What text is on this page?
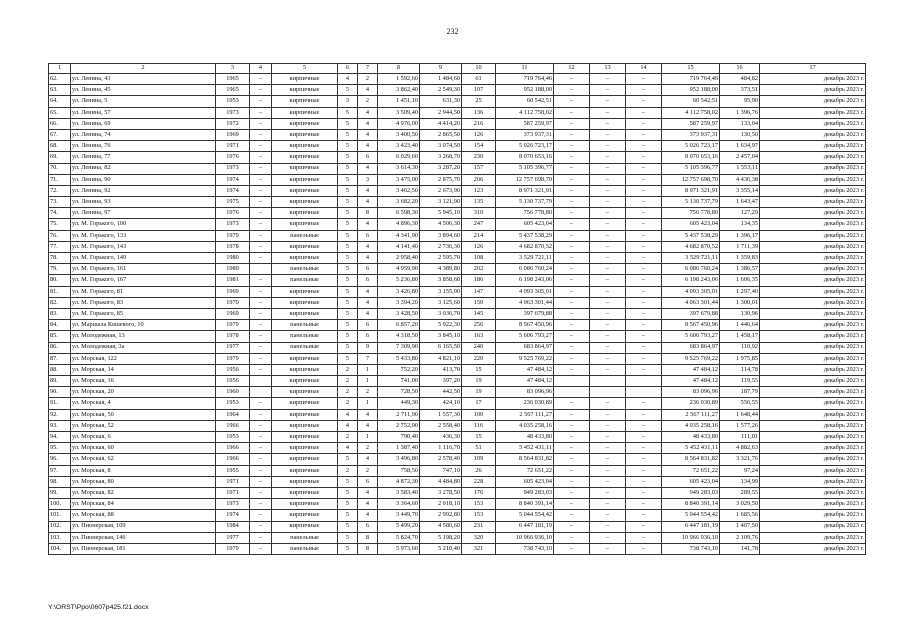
232
1	2	3	4	5	6	7	8	9	10	11	12	13	14	15	16	17
62.	ул. Ленина, 43	1965	–	кирпичные	4	2	1 592,60	1 484,60	61	719 764,46	–	–	–	719 764,46	484,82	декабрь 2023 г.
63.	ул. Ленина, 45	1965	–	кирпичные	5	4	3 862,40	2 549,30	107	952 188,00	–	–	–	952 188,00	373,51	декабрь 2023 г.
64.	ул. Ленина, 5	1953	–	кирпичные	3	2	1 451,10	631,30	25	60 542,51	–	–	–	60 542,51	95,90	декабрь 2023 г.
65.	ул. Ленина, 57	1973	–	кирпичные	5	4	3 509,40	2 944,50	136	4 112 758,02	–	–	–	4 112 758,02	1 396,76	декабрь 2023 г.
66.	ул. Ленина, 69	1972	–	кирпичные	5	4	4 976,00	4 414,20	216	587 259,97	–	–	–	587 259,97	133,04	декабрь 2023 г.
67.	ул. Ленина, 74	1969	–	кирпичные	5	4	3 400,50	2 865,50	126	373 937,31	–	–	–	373 937,31	130,50	декабрь 2023 г.
68.	ул. Ленина, 76	1971	–	кирпичные	5	4	3 423,40	3 074,50	154	5 026 723,17	–	–	–	5 026 723,17	1 634,97	декабрь 2023 г.
69.	ул. Ленина, 77	1976	–	кирпичные	5	6	6 029,60	3 268,70	230	8 070 653,16	–	–	–	8 070 653,16	2 457,04	декабрь 2023 г.
70.	ул. Ленина, 82	1973	–	кирпичные	5	4	3 614,30	3 287,20	157	5 105 396,77	–	–	–	5 105 396,77	1 553,11	декабрь 2023 г.
71.	ул. Ленина, 90	1974	–	кирпичные	5	3	3 475,00	2 875,70	206	12 757 698,70	–	–	–	12 757 698,70	4 436,38	декабрь 2023 г.
72.	ул. Ленина, 92	1974	–	кирпичные	5	4	3 462,50	2 673,90	123	8 971 321,91	–	–	–	8 971 321,91	3 355,14	декабрь 2023 г.
73.	ул. Ленина, 93	1975	–	кирпичные	5	4	3 682,20	3 121,90	135	5 130 737,79	–	–	–	5 130 737,79	1 643,47	декабрь 2023 г.
74.	ул. Ленина, 97	1976	–	кирпичные	5	8	6 598,30	5 945,10	310	756 778,80	–	–	–	756 778,80	127,29	декабрь 2023 г.
75.	ул. М. Горького, 100	1973	–	кирпичные	5	4	4 896,30	4 506,30	247	605 423,04	–	–	–	605 423,04	134,35	декабрь 2023 г.
76.	ул. М. Горького, 133	1979	–	панельные	5	6	4 341,90	3 894,60	214	5 437 538,29	–	–	–	5 437 538,29	1 396,17	декабрь 2023 г.
77.	ул. М. Горького, 143	1978	–	кирпичные	5	4	4 141,40	2 736,30	126	4 682 870,52	–	–	–	4 682 870,52	1 711,39	декабрь 2023 г.
78.	ул. М. Горького, 149	1980	–	кирпичные	5	4	2 958,40	2 595,70	108	3 529 721,11	–	–	–	3 529 721,11	1 359,83	декабрь 2023 г.
79.	ул. М. Горького, 161	1980		панельные	5	6	4 959,90	4 389,80	202	6 086 760,24	–	–	–	6 086 760,24	1 386,57	декабрь 2023 г.
80.	ул. М. Горького, 167	1981	–	панельные	5	6	5 236,80	3 858,60	186	6 198 243,06	–	–	–	6 198 243,06	1 606,35	декабрь 2023 г.
81.	ул. М. Горького, 81	1969	–	кирпичные	5	4	3 426,80	3 155,00	147	4 093 305,01	–	–	–	4 093 305,01	1 297,40	декабрь 2023 г.
82.	ул. М. Горького, 83	1970	–	кирпичные	5	4	3 394,20	3 125,60	150	4 063 301,44	–	–	–	4 063 301,44	1 300,01	декабрь 2023 г.
83.	ул. М. Горького, 85	1969	–	кирпичные	5	4	3 428,50	3 036,70	145	397 679,88	–	–	–	397 679,88	130,96	декабрь 2023 г.
84.	ул. Маршала Кошевого, 10	1979	–	панельные	5	6	6 857,20	5 922,30	256	8 567 450,96	–	–	–	8 567 450,96	1 446,64	декабрь 2023 г.
85.	ул. Молодежная, 13	1978	–	панельные	5	6	4 318,50	3 845,10	163	5 606 793,27	–	–	–	5 606 793,27	1 458,17	декабрь 2023 г.
86.	ул. Молодежная, 3а	1977	–	панельные	5	9	7 309,90	6 165,50	240	683 864,97	–	–	–	683 864,97	110,92	декабрь 2023 г.
87.	ул. Морская, 122	1979	–	кирпичные	5	7	5 433,80	4 821,10	220	9 525 769,22	–	–	–	9 525 769,22	1 975,85	декабрь 2023 г.
88.	ул. Морская, 14	1956	–	кирпичные	2	1	752,20	413,70	15	47 484,12	–	–	–	47 484,12	114,78	декабрь 2023 г.
89.	ул. Морская, 16	1956		кирпичные	2	1	741,00	397,20	19	47 484,12				47 484,12	119,55	декабрь 2023 г.
90.	ул. Морская, 20	1960		кирпичные	2	2	728,50	442,50	19	83 096,96				83 096,96	187,79	декабрь 2023 г.
91.	ул. Морская, 4	1953	–	кирпичные	2	1	449,30	424,10	17	236 030,89	–	–	–	236 030,89	556,55	декабрь 2023 г.
92.	ул. Морская, 50	1964	–	кирпичные	4	4	2 711,90	1 557,30	100	2 567 111,27	–	–	–	2 567 111,27	1 648,44	декабрь 2023 г.
93.	ул. Морская, 52	1966	–	кирпичные	4	4	2 752,90	2 558,40	116	4 035 258,16	–	–	–	4 035 258,16	1 577,26	декабрь 2023 г.
94.	ул. Морская, 6	1953	–	кирпичные	2	1	790,40	436,30	15	48 433,80	–	–	–	48 433,80	111,01	декабрь 2023 г.
95.	ул. Морская, 60	1966	–	кирпичные	4	2	1 387,40	1 116,70	51	5 452 431,11	–	–	–	5 452 431,11	4 882,63	декабрь 2023 г.
96.	ул. Морская, 62	1966	–	кирпичные	5	4	3 496,80	2 578,40	109	8 564 831,82	–	–	–	8 564 831,82	3 321,76	декабрь 2023 г.
97.	ул. Морская, 8	1955	–	кирпичные	2	2	758,50	747,10	26	72 651,22	–	–	–	72 651,22	97,24	декабрь 2023 г.
98.	ул. Морская, 80	1971	–	кирпичные	5	6	4 872,30	4 484,80	228	605 423,04	–	–	–	605 423,04	134,99	декабрь 2023 г.
99.	ул. Морская, 82	1971	–	кирпичные	5	4	3 583,40	3 278,50	176	949 283,03	–	–	–	949 283,03	289,55	декабрь 2023 г.
100.	ул. Морская, 84	1973	–	кирпичные	5	4	3 364,60	2 918,10	153	8 840 391,14	–	–	–	8 840 391,14	3 029,50	декабрь 2023 г.
101.	ул. Морская, 88	1974	–	кирпичные	5	4	3 449,70	2 992,80	153	5 044 554,42	–	–	–	5 044 554,42	1 685,56	декабрь 2023 г.
102.	ул. Пионерская, 109	1984	–	кирпичные	5	6	5 499,20	4 580,60	231	6 447 181,19	–	–	–	6 447 181,19	1 407,50	декабрь 2023 г.
103.	ул. Пионерская, 146	1977	–	панельные	5	8	5 824,70	5 198,20	320	10 966 936,10	–	–	–	10 966 936,10	2 109,76	декабрь 2023 г.
104.	ул. Пионерская, 181	1979	–	панельные	5	8	5 973,60	5 210,40	321	738 743,10	–	–	–	738 743,10	141,78	декабрь 2023 г.
Y:\ORST\Ppo\0607p425.f21.docx
